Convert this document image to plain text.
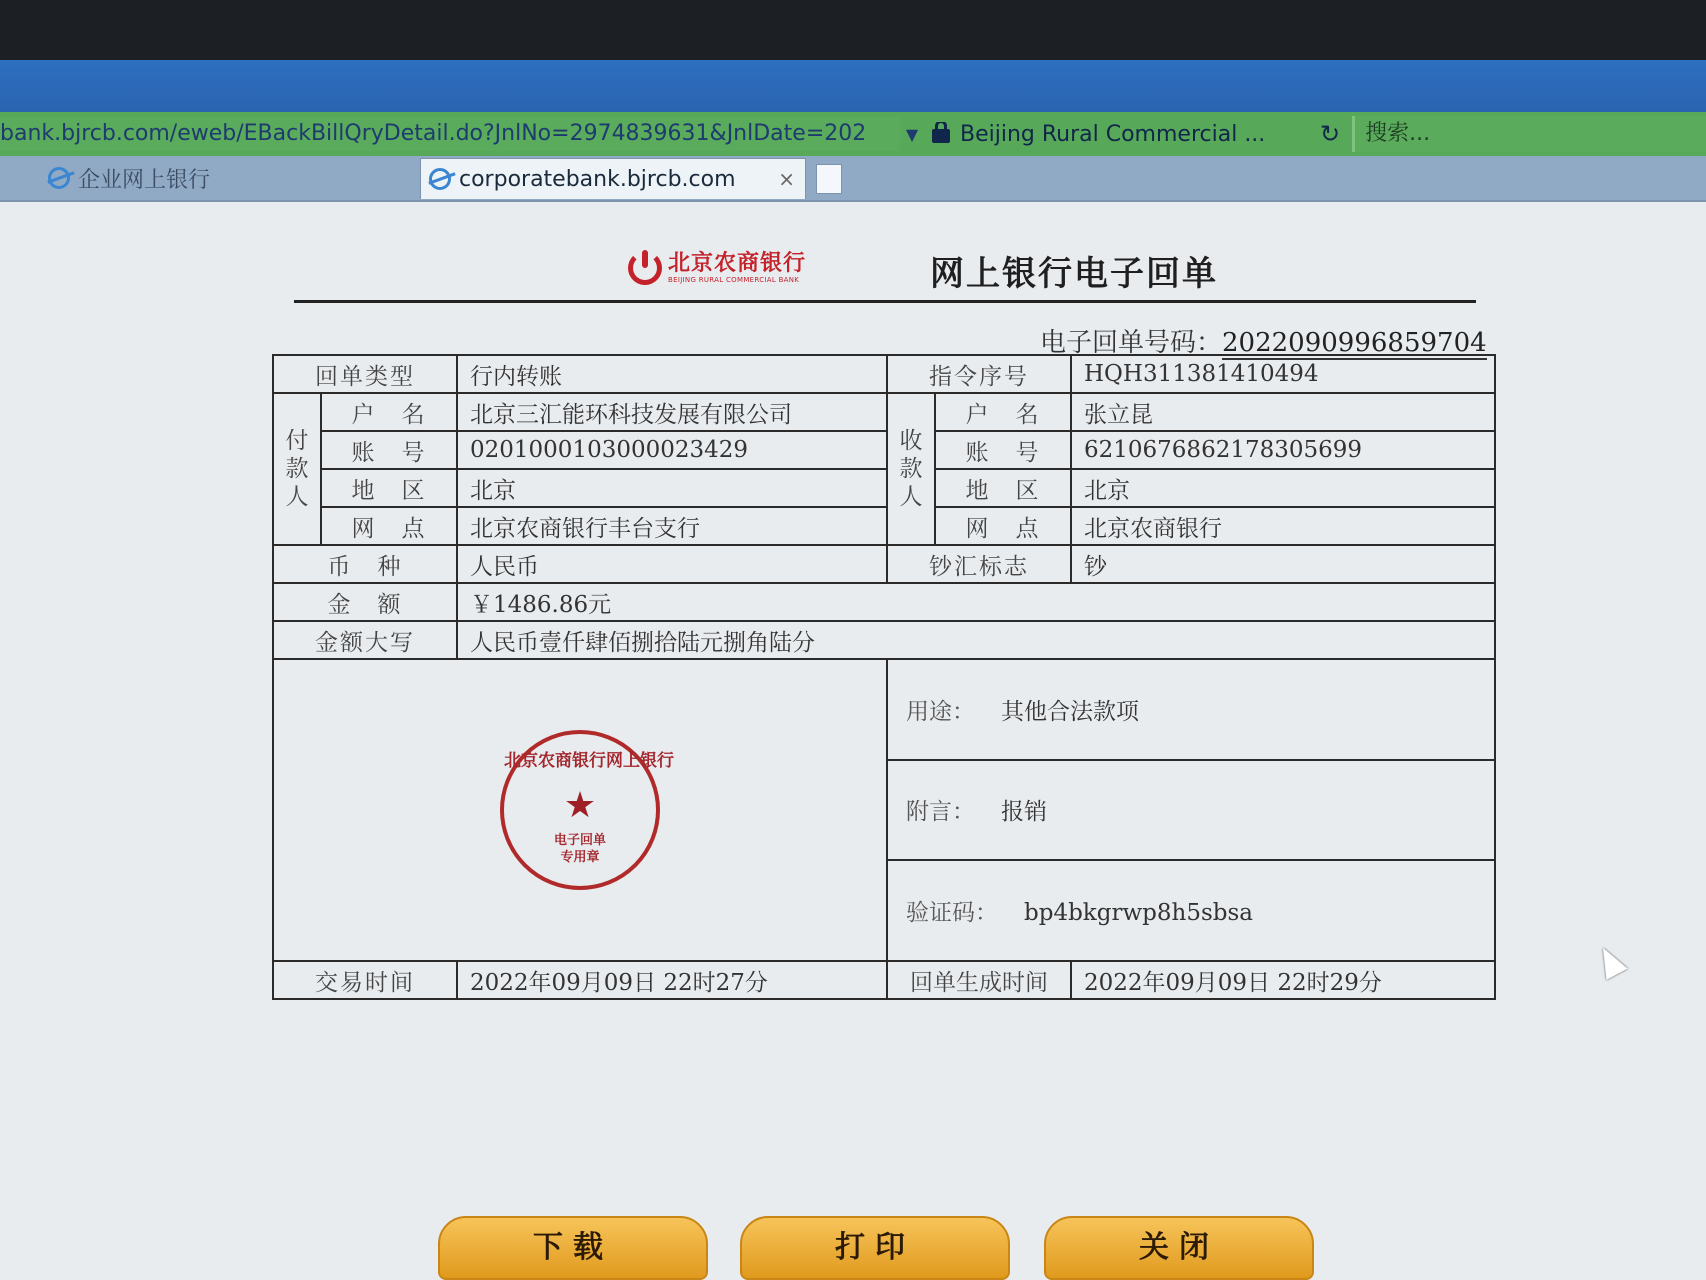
bank.bjrcb.com/eweb/EBackBillQryDetail.do?JnlNo=2974839631&JnlDate=202	▼ Beijing Rural Commercial ... ↻	搜索...
企业网上银行	corporatebank.bjrcb.com ×
北京农商银行
BEIJING RURAL COMMERCIAL BANK	网上银行电子回单
电子回单号码：2022090996859704
回单类型		行内转账	指令序号		HQH311381410494
付款人	户　名	北京三汇能环科技发展有限公司	收款人	户　名	张立昆
	账　号	0201000103000023429		账　号	6210676862178305699
	地　区	北京		地　区	北京
	网　点	北京农商银行丰台支行		网　点	北京农商银行
币　种		人民币	钞汇标志		钞
金　额		￥1486.86元			
金额大写		人民币壹仟肆佰捌拾陆元捌角陆分			

北京农商银行网上银行
★
电子回单
专用章			用途： 其他合法款项		
			附言： 报销		
			验证码： bp4bkgrwp8h5sbsa		
交易时间		2022年09月09日 22时27分	回单生成时间		2022年09月09日 22时29分
下载	打印	关闭
